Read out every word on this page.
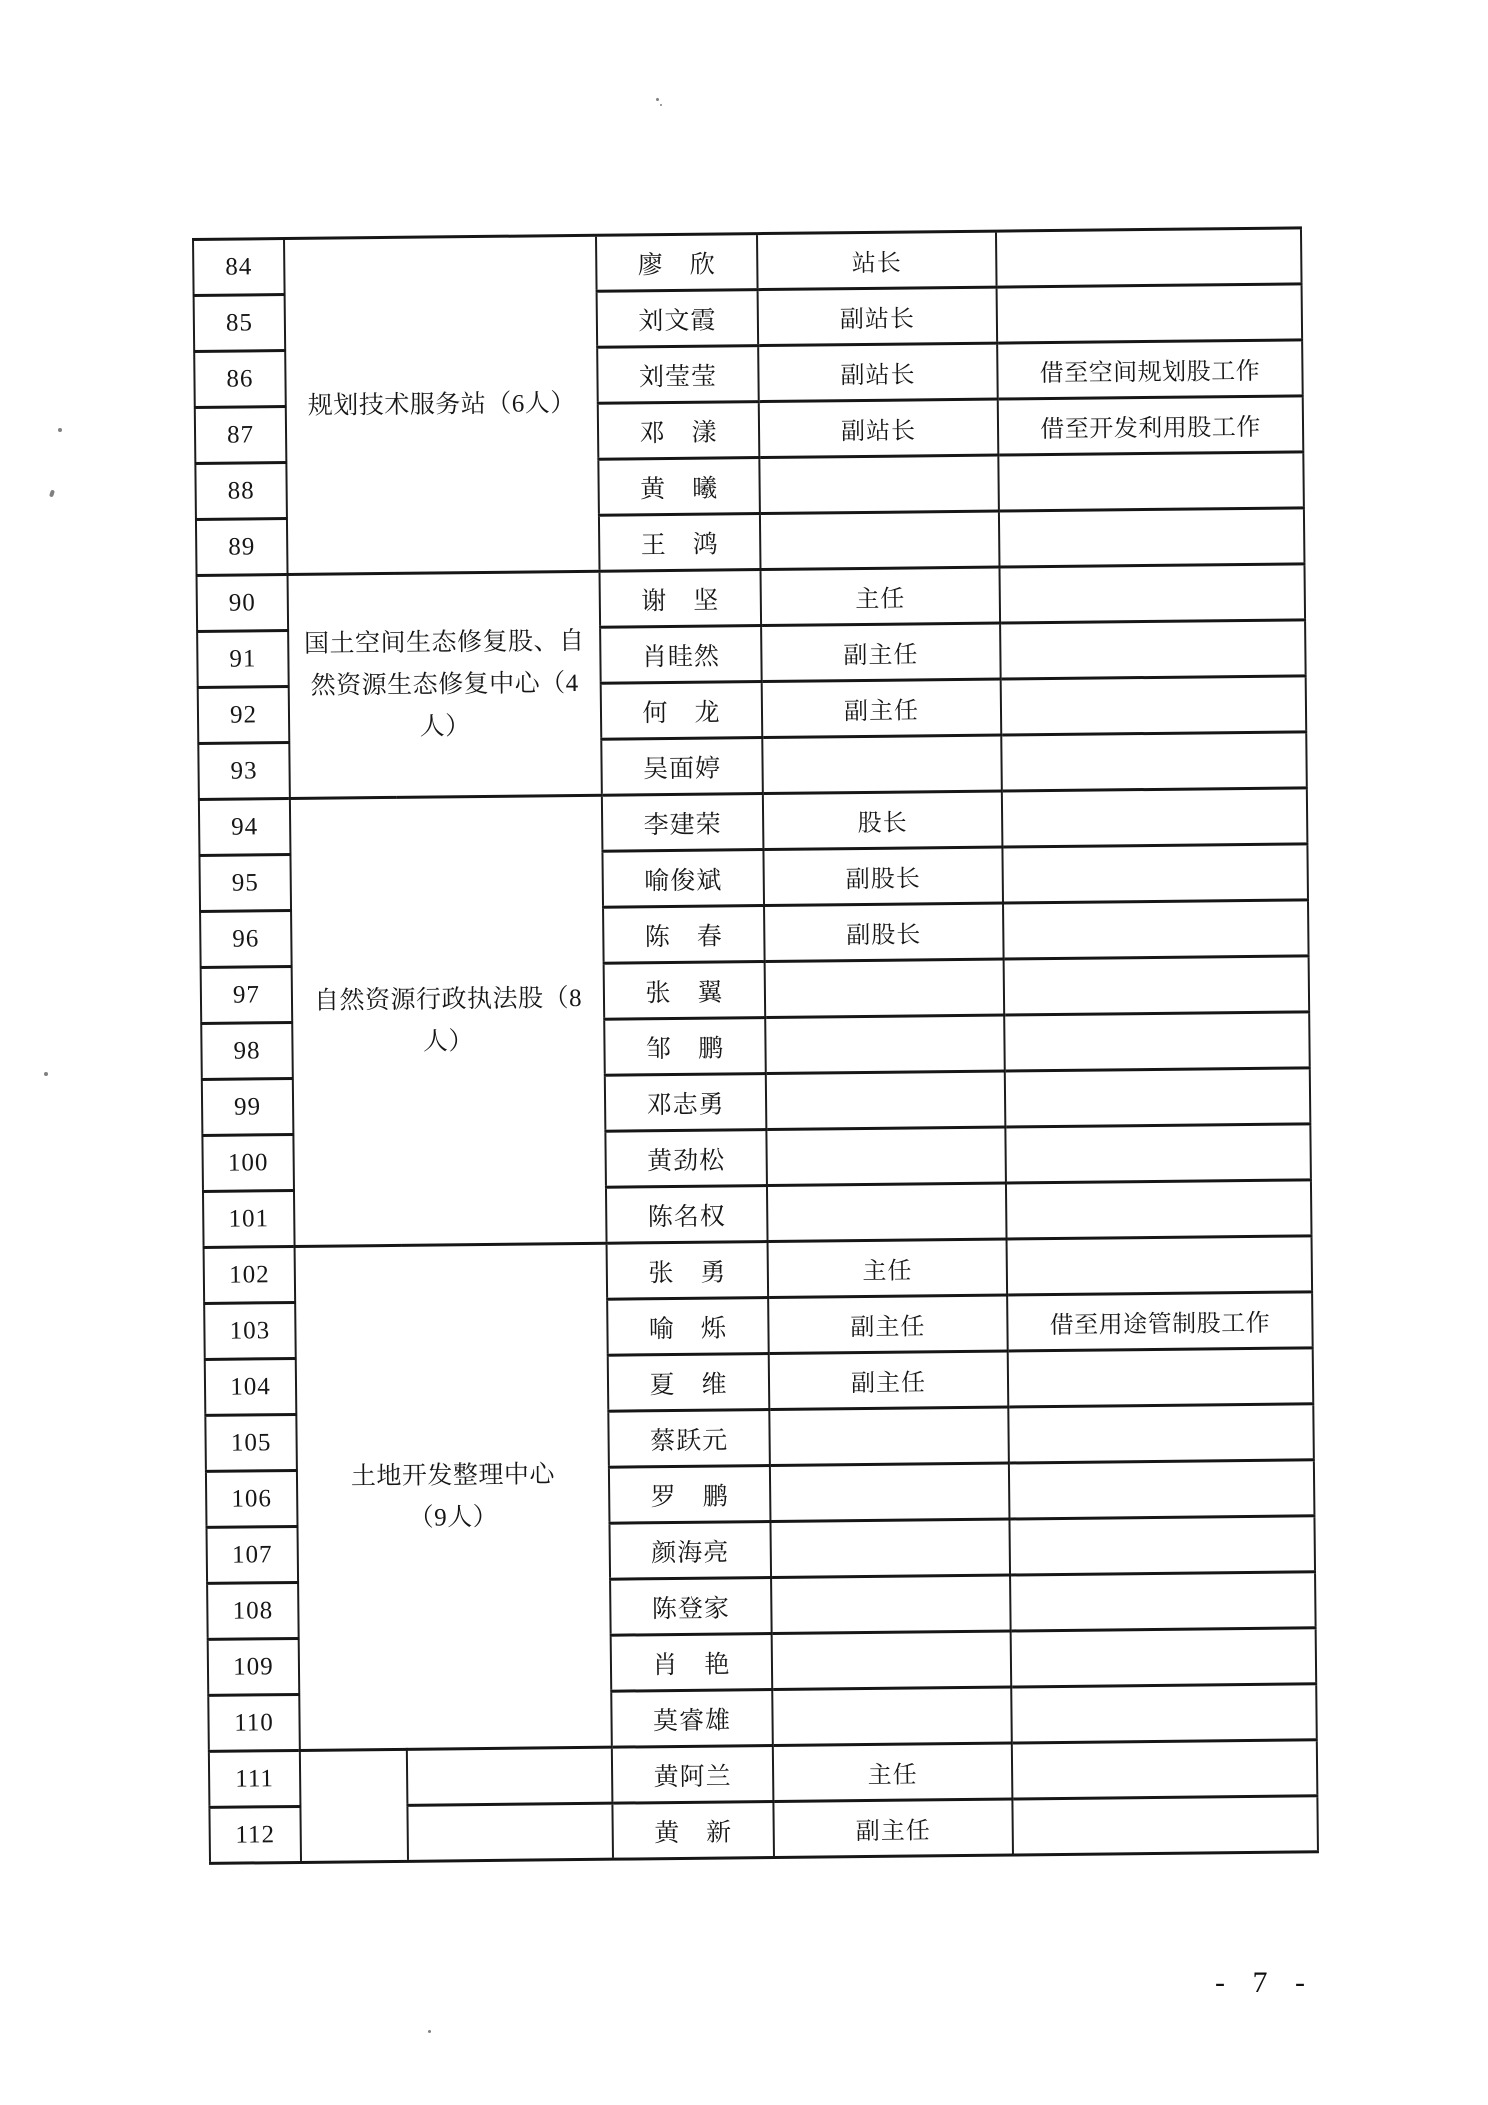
84	规划技术服务站（6人）		廖　欣	站长	
85			刘文霞	副站长	
86			刘莹莹	副站长	借至空间规划股工作
87			邓　漾	副站长	借至开发利用股工作
88			黄　曦		
89			王　鸿		
90	国土空间生态修复股、自
然资源生态修复中心（4
人）		谢　坚	主任	
91			肖眭然	副主任	
92			何　龙	副主任	
93			吴面婷		
94	自然资源行政执法股（8
人）		李建荣	股长	
95			喻俊斌	副股长	
96			陈　春	副股长	
97			张　翼		
98			邹　鹏		
99			邓志勇		
100			黄劲松		
101			陈名权		
102	土地开发整理中心
（9人）		张　勇	主任	
103			喻　烁	副主任	借至用途管制股工作
104			夏　维	副主任	
105			蔡跃元		
106			罗　鹏		
107			颜海亮		
108			陈登家		
109			肖　艳		
110			莫睿雄		
111			黄阿兰	主任	
112			黄　新	副主任	
- 7 -
